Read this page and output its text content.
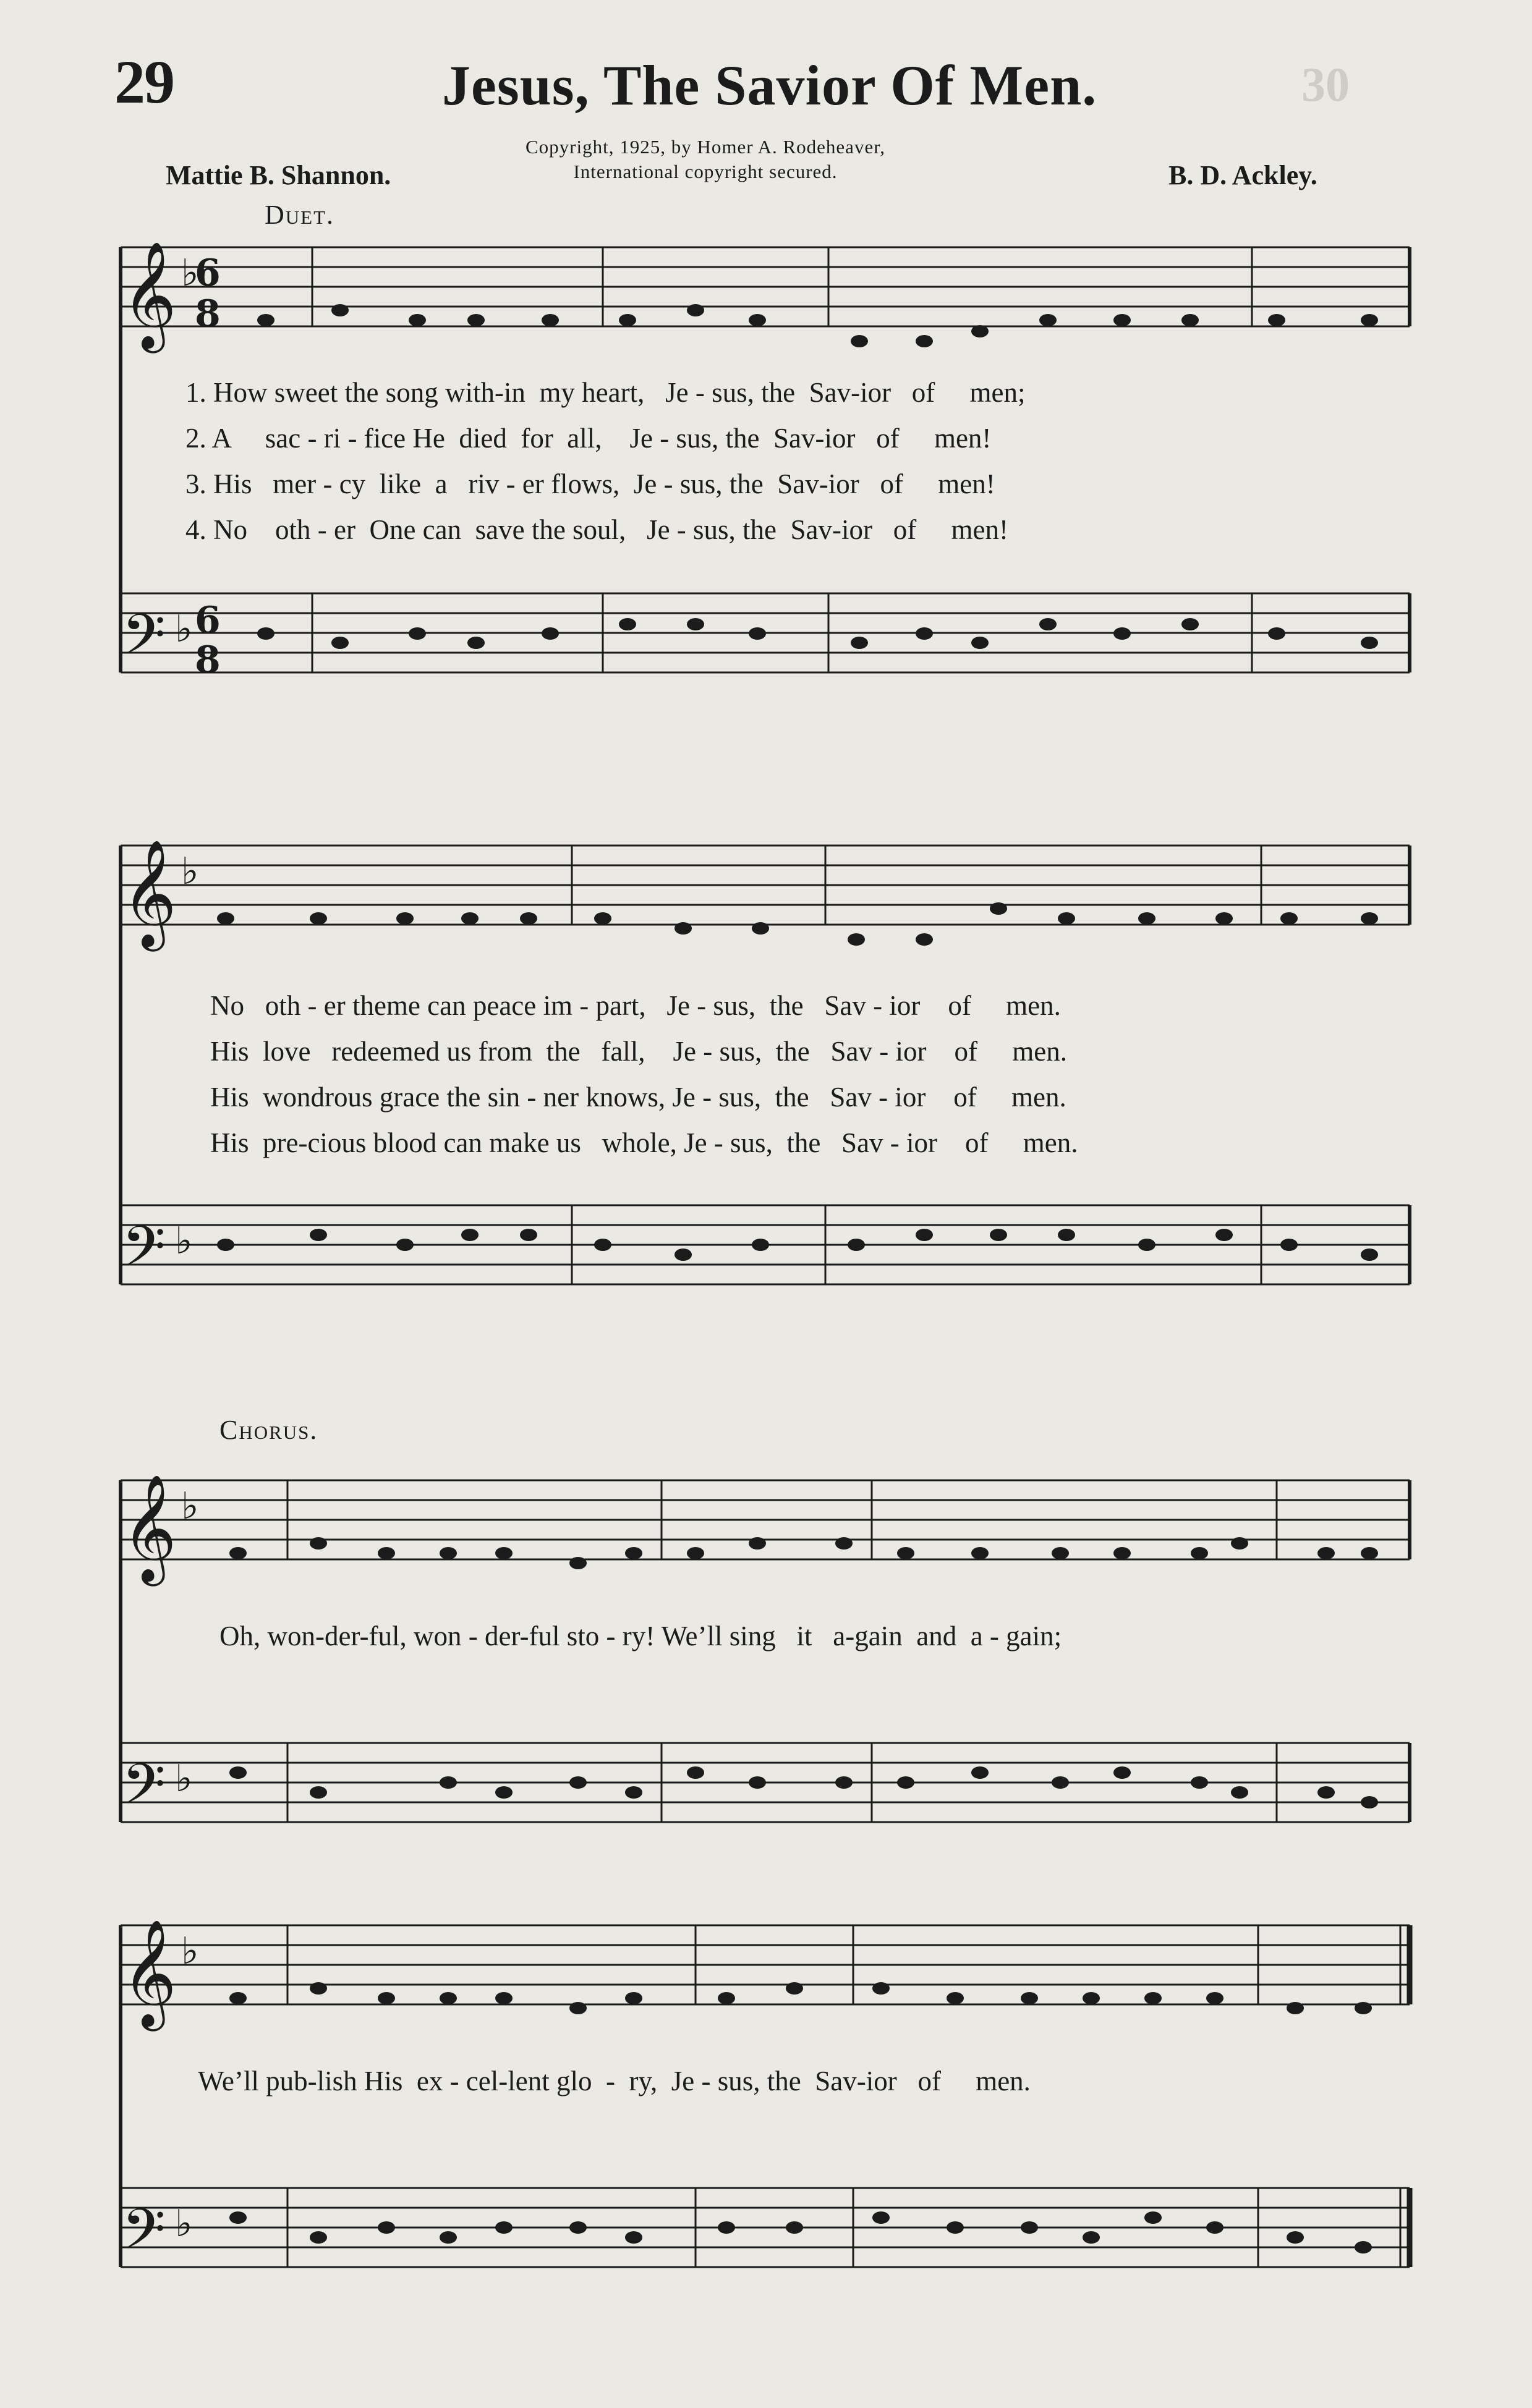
29	Jesus, The Savior Of Men.	30
Copyright, 1925, by Homer A. Rodeheaver,
International copyright secured.
Mattie B. Shannon.	B. D. Ackley.
Duet.
𝄞
𝄢
♭
6
8
♭ 6
8
1. How sweet the song with-in  my heart,   Je - sus, the  Sav-ior   of     men;
2. A     sac - ri - fice He  died  for  all,    Je - sus, the  Sav-ior   of     men!
3. His   mer - cy  like  a   riv - er flows,  Je - sus, the  Sav-ior   of     men!
4. No    oth - er  One can  save the soul,   Je - sus, the  Sav-ior   of     men!
𝄞
𝄢
♭
♭
No   oth - er theme can peace im - part,   Je - sus,  the   Sav - ior    of     men.
His  love   redeemed us from  the   fall,    Je - sus,  the   Sav - ior    of     men.
His  wondrous grace the sin - ner knows, Je - sus,  the   Sav - ior    of     men.
His  pre-cious blood can make us   whole, Je - sus,  the   Sav - ior    of     men.
Chorus.
𝄞
𝄢
♭
♭
Oh, won-der-ful, won - der-ful sto - ry! We’ll sing   it   a-gain  and  a - gain;
𝄞
𝄢
♭
♭
We’ll pub-lish His  ex - cel-lent glo  -  ry,  Je - sus, the  Sav-ior   of     men.
